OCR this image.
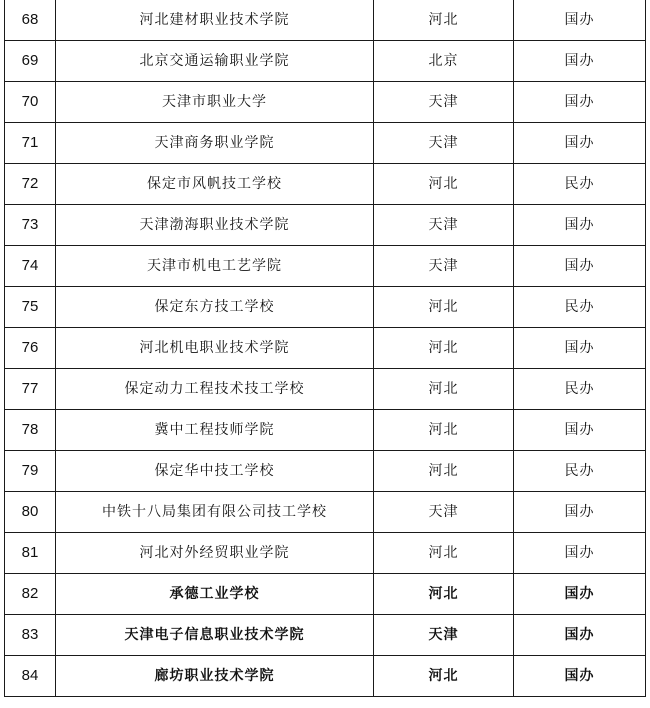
68	河北建材职业技术学院	河北	国办
69	北京交通运输职业学院	北京	国办
70	天津市职业大学	天津	国办
71	天津商务职业学院	天津	国办
72	保定市风帆技工学校	河北	民办
73	天津渤海职业技术学院	天津	国办
74	天津市机电工艺学院	天津	国办
75	保定东方技工学校	河北	民办
76	河北机电职业技术学院	河北	国办
77	保定动力工程技术技工学校	河北	民办
78	冀中工程技师学院	河北	国办
79	保定华中技工学校	河北	民办
80	中铁十八局集团有限公司技工学校	天津	国办
81	河北对外经贸职业学院	河北	国办
82	承德工业学校	河北	国办
83	天津电子信息职业技术学院	天津	国办
84	廊坊职业技术学院	河北	国办
